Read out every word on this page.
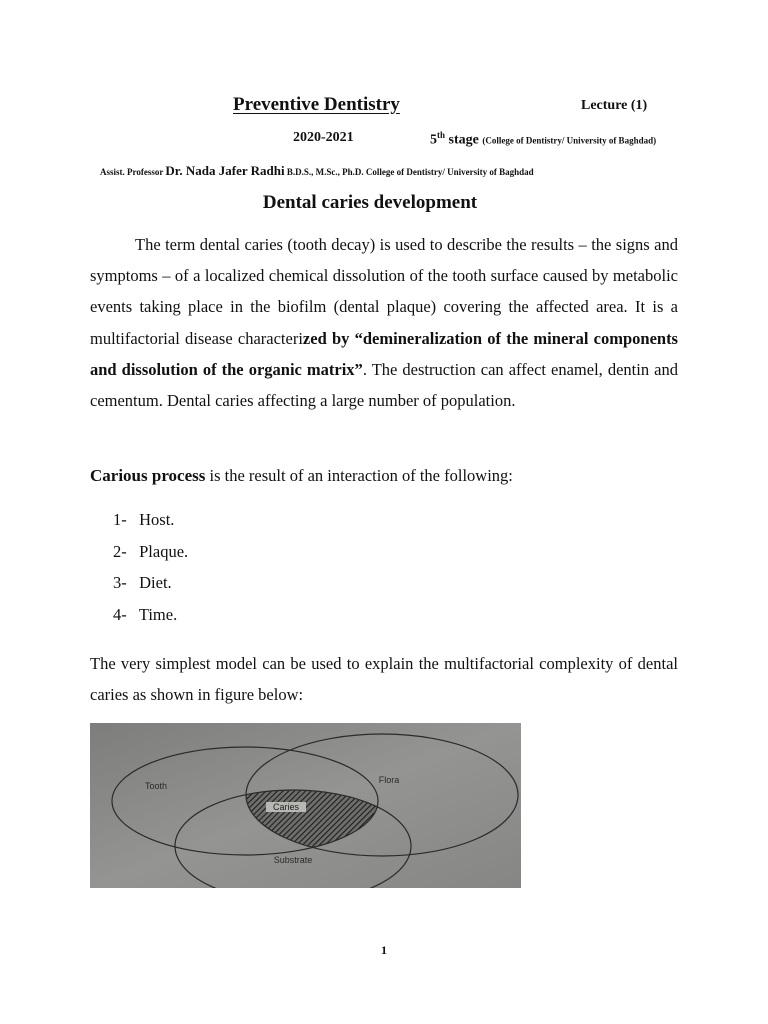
Preventive Dentistry	Lecture (1)
2020-2021	5th stage (College of Dentistry/ University of Baghdad)
Assist. Professor Dr. Nada Jafer Radhi B.D.S., M.Sc., Ph.D. College of Dentistry/ University of Baghdad
Dental caries development
The term dental caries (tooth decay) is used to describe the results – the signs and symptoms – of a localized chemical dissolution of the tooth surface caused by metabolic events taking place in the biofilm (dental plaque) covering the affected area. It is a multifactorial disease characterized by “demineralization of the mineral components and dissolution of the organic matrix”. The destruction can affect enamel, dentin and cementum. Dental caries affecting a large number of population.
Carious process is the result of an interaction of the following:
1- Host.
2- Plaque.
3- Diet.
4- Time.
The very simplest model can be used to explain the multifactorial complexity of dental caries as shown in figure below:
Caries
Tooth
Flora
Substrate
1
